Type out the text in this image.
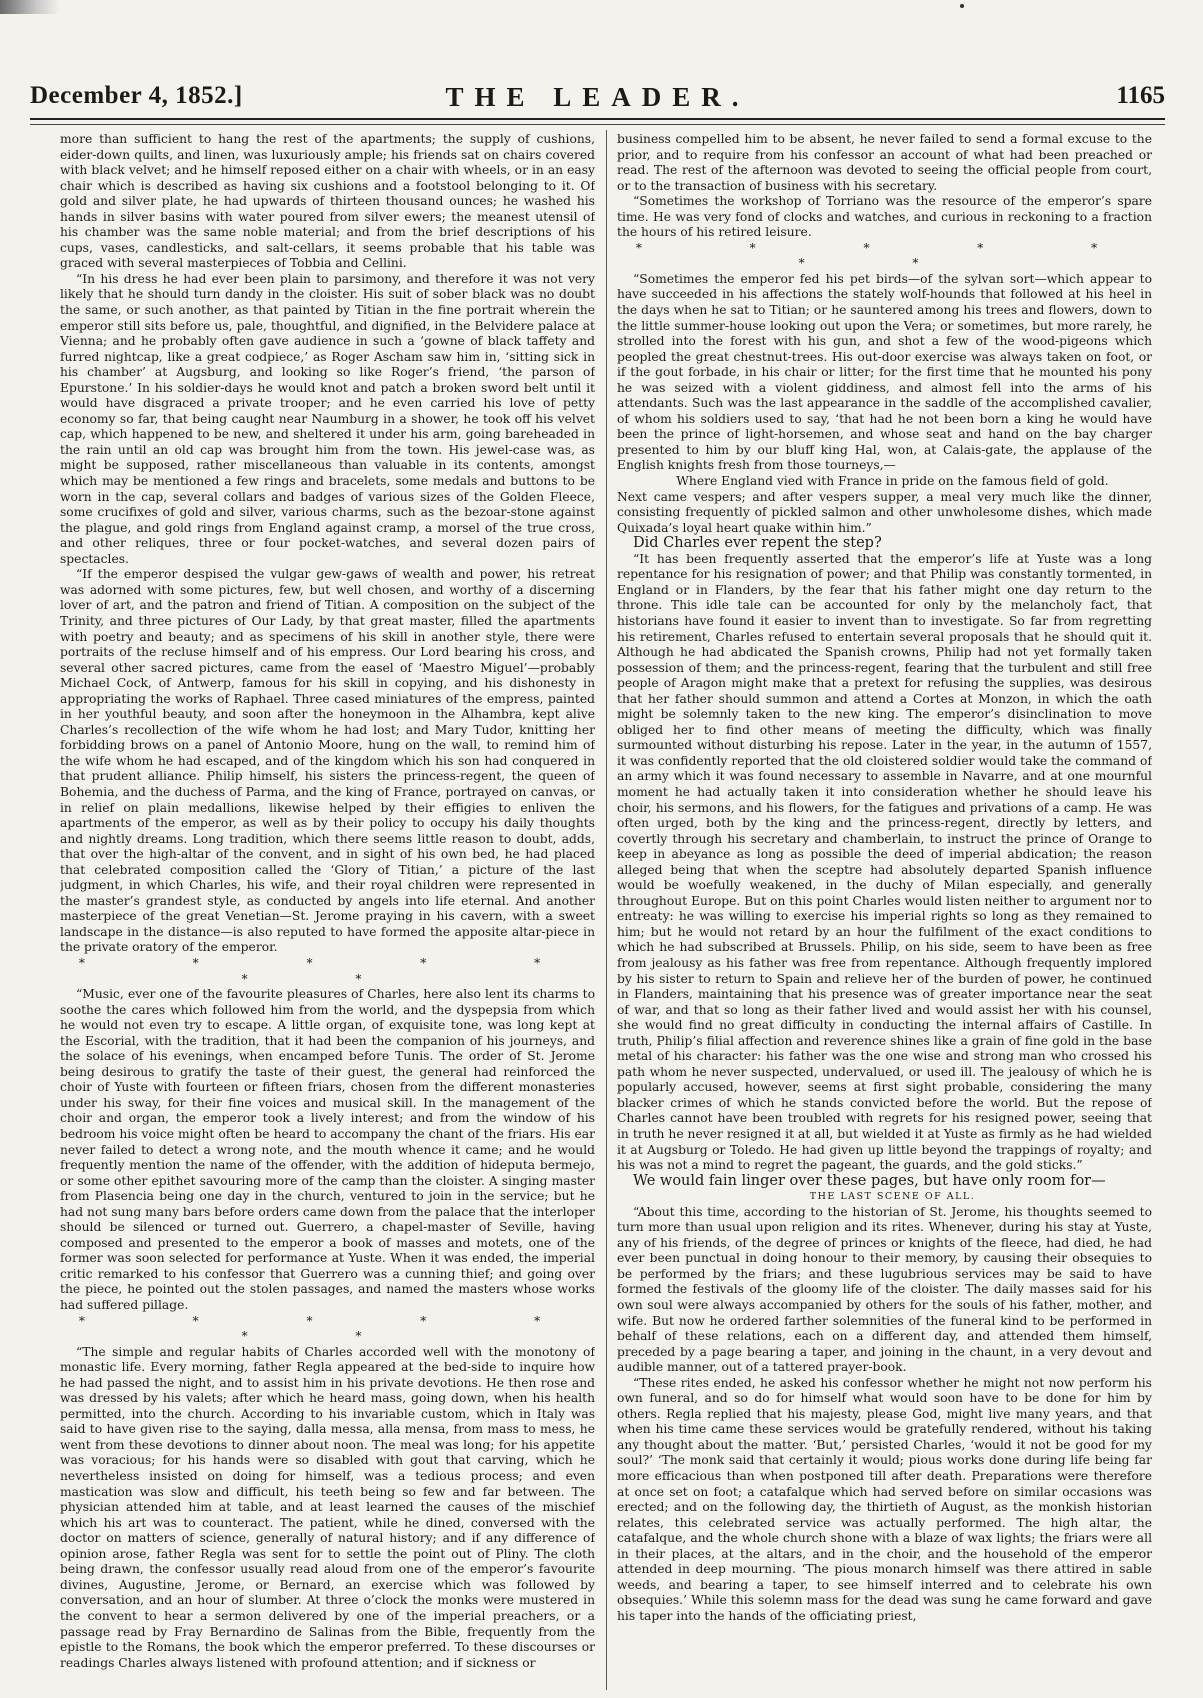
December 4, 1852.]	THE LEADER.	1165

more than sufficient to hang the rest of the apartments; the supply of cushions, eider-down quilts, and linen, was luxuriously ample; his friends sat on chairs covered with black velvet; and he himself reposed either on a chair with wheels, or in an easy chair which is described as having six cushions and a footstool belonging to it. Of gold and silver plate, he had upwards of thirteen thousand ounces; he washed his hands in silver basins with water poured from silver ewers; the meanest utensil of his chamber was the same noble material; and from the brief descriptions of his cups, vases, candlesticks, and salt-cellars, it seems probable that his table was graced with several masterpieces of Tobbia and Cellini.

“In his dress he had ever been plain to parsimony, and therefore it was not very likely that he should turn dandy in the cloister. His suit of sober black was no doubt the same, or such another, as that painted by Titian in the fine portrait wherein the emperor still sits before us, pale, thoughtful, and dignified, in the Belvidere palace at Vienna; and he probably often gave audience in such a ‘gowne of black taffety and furred nightcap, like a great codpiece,’ as Roger Ascham saw him in, ‘sitting sick in his chamber’ at Augsburg, and looking so like Roger’s friend, ‘the parson of Epurstone.’ In his soldier-days he would knot and patch a broken sword belt until it would have disgraced a private trooper; and he even carried his love of petty economy so far, that being caught near Naumburg in a shower, he took off his velvet cap, which happened to be new, and sheltered it under his arm, going bareheaded in the rain until an old cap was brought him from the town. His jewel-case was, as might be supposed, rather miscellaneous than valuable in its contents, amongst which may be mentioned a few rings and bracelets, some medals and buttons to be worn in the cap, several collars and badges of various sizes of the Golden Fleece, some crucifixes of gold and silver, various charms, such as the bezoar-stone against the plague, and gold rings from England against cramp, a morsel of the true cross, and other reliques, three or four pocket-watches, and several dozen pairs of spectacles.

“If the emperor despised the vulgar gew-gaws of wealth and power, his retreat was adorned with some pictures, few, but well chosen, and worthy of a discerning lover of art, and the patron and friend of Titian. A composition on the subject of the Trinity, and three pictures of Our Lady, by that great master, filled the apartments with poetry and beauty; and as specimens of his skill in another style, there were portraits of the recluse himself and of his empress. Our Lord bearing his cross, and several other sacred pictures, came from the easel of ‘Maestro Miguel’—probably Michael Cock, of Antwerp, famous for his skill in copying, and his dishonesty in appropriating the works of Raphael. Three cased miniatures of the empress, painted in her youthful beauty, and soon after the honeymoon in the Alhambra, kept alive Charles’s recollection of the wife whom he had lost; and Mary Tudor, knitting her forbidding brows on a panel of Antonio Moore, hung on the wall, to remind him of the wife whom he had escaped, and of the kingdom which his son had conquered in that prudent alliance. Philip himself, his sisters the princess-regent, the queen of Bohemia, and the duchess of Parma, and the king of France, portrayed on canvas, or in relief on plain medallions, likewise helped by their effigies to enliven the apartments of the emperor, as well as by their policy to occupy his daily thoughts and nightly dreams. Long tradition, which there seems little reason to doubt, adds, that over the high-altar of the convent, and in sight of his own bed, he had placed that celebrated composition called the ‘Glory of Titian,’ a picture of the last judgment, in which Charles, his wife, and their royal children were represented in the master’s grandest style, as conducted by angels into life eternal. And another masterpiece of the great Venetian—St. Jerome praying in his cavern, with a sweet landscape in the distance—is also reputed to have formed the apposite altar-piece in the private oratory of the emperor.

* * * * * * *

“Music, ever one of the favourite pleasures of Charles, here also lent its charms to soothe the cares which followed him from the world, and the dyspepsia from which he would not even try to escape. A little organ, of exquisite tone, was long kept at the Escorial, with the tradition, that it had been the companion of his journeys, and the solace of his evenings, when encamped before Tunis. The order of St. Jerome being desirous to gratify the taste of their guest, the general had reinforced the choir of Yuste with fourteen or fifteen friars, chosen from the different monasteries under his sway, for their fine voices and musical skill. In the management of the choir and organ, the emperor took a lively interest; and from the window of his bedroom his voice might often be heard to accompany the chant of the friars. His ear never failed to detect a wrong note, and the mouth whence it came; and he would frequently mention the name of the offender, with the addition of hideputa bermejo, or some other epithet savouring more of the camp than the cloister. A singing master from Plasencia being one day in the church, ventured to join in the service; but he had not sung many bars before orders came down from the palace that the interloper should be silenced or turned out. Guerrero, a chapel-master of Seville, having composed and presented to the emperor a book of masses and motets, one of the former was soon selected for performance at Yuste. When it was ended, the imperial critic remarked to his confessor that Guerrero was a cunning thief; and going over the piece, he pointed out the stolen passages, and named the masters whose works had suffered pillage.

* * * * * * *

“The simple and regular habits of Charles accorded well with the monotony of monastic life. Every morning, father Regla appeared at the bed-side to inquire how he had passed the night, and to assist him in his private devotions. He then rose and was dressed by his valets; after which he heard mass, going down, when his health permitted, into the church. According to his invariable custom, which in Italy was said to have given rise to the saying, dalla messa, alla mensa, from mass to mess, he went from these devotions to dinner about noon. The meal was long; for his appetite was voracious; for his hands were so disabled with gout that carving, which he nevertheless insisted on doing for himself, was a tedious process; and even mastication was slow and difficult, his teeth being so few and far between. The physician attended him at table, and at least learned the causes of the mischief which his art was to counteract. The patient, while he dined, conversed with the doctor on matters of science, generally of natural history; and if any difference of opinion arose, father Regla was sent for to settle the point out of Pliny. The cloth being drawn, the confessor usually read aloud from one of the emperor’s favourite divines, Augustine, Jerome, or Bernard, an exercise which was followed by conversation, and an hour of slumber. At three o’clock the monks were mustered in the convent to hear a sermon delivered by one of the imperial preachers, or a passage read by Fray Bernardino de Salinas from the Bible, frequently from the epistle to the Romans, the book which the emperor preferred. To these discourses or readings Charles always listened with profound attention; and if sickness or

business compelled him to be absent, he never failed to send a formal excuse to the prior, and to require from his confessor an account of what had been preached or read. The rest of the afternoon was devoted to seeing the official people from court, or to the transaction of business with his secretary.

“Sometimes the workshop of Torriano was the resource of the emperor’s spare time. He was very fond of clocks and watches, and curious in reckoning to a fraction the hours of his retired leisure.

* * * * * * *

“Sometimes the emperor fed his pet birds—of the sylvan sort—which appear to have succeeded in his affections the stately wolf-hounds that followed at his heel in the days when he sat to Titian; or he sauntered among his trees and flowers, down to the little summer-house looking out upon the Vera; or sometimes, but more rarely, he strolled into the forest with his gun, and shot a few of the wood-pigeons which peopled the great chestnut-trees. His out-door exercise was always taken on foot, or if the gout forbade, in his chair or litter; for the first time that he mounted his pony he was seized with a violent giddiness, and almost fell into the arms of his attendants. Such was the last appearance in the saddle of the accomplished cavalier, of whom his soldiers used to say, ‘that had he not been born a king he would have been the prince of light-horsemen, and whose seat and hand on the bay charger presented to him by our bluff king Hal, won, at Calais-gate, the applause of the English knights fresh from those tourneys,—

Where England vied with France in pride on the famous field of gold.

Next came vespers; and after vespers supper, a meal very much like the dinner, consisting frequently of pickled salmon and other unwholesome dishes, which made Quixada’s loyal heart quake within him.”

Did Charles ever repent the step?

“It has been frequently asserted that the emperor’s life at Yuste was a long repentance for his resignation of power; and that Philip was constantly tormented, in England or in Flanders, by the fear that his father might one day return to the throne. This idle tale can be accounted for only by the melancholy fact, that historians have found it easier to invent than to investigate. So far from regretting his retirement, Charles refused to entertain several proposals that he should quit it. Although he had abdicated the Spanish crowns, Philip had not yet formally taken possession of them; and the princess-regent, fearing that the turbulent and still free people of Aragon might make that a pretext for refusing the supplies, was desirous that her father should summon and attend a Cortes at Monzon, in which the oath might be solemnly taken to the new king. The emperor’s disinclination to move obliged her to find other means of meeting the difficulty, which was finally surmounted without disturbing his repose. Later in the year, in the autumn of 1557, it was confidently reported that the old cloistered soldier would take the command of an army which it was found necessary to assemble in Navarre, and at one mournful moment he had actually taken it into consideration whether he should leave his choir, his sermons, and his flowers, for the fatigues and privations of a camp. He was often urged, both by the king and the princess-regent, directly by letters, and covertly through his secretary and chamberlain, to instruct the prince of Orange to keep in abeyance as long as possible the deed of imperial abdication; the reason alleged being that when the sceptre had absolutely departed Spanish influence would be woefully weakened, in the duchy of Milan especially, and generally throughout Europe. But on this point Charles would listen neither to argument nor to entreaty: he was willing to exercise his imperial rights so long as they remained to him; but he would not retard by an hour the fulfilment of the exact conditions to which he had subscribed at Brussels. Philip, on his side, seem to have been as free from jealousy as his father was free from repentance. Although frequently implored by his sister to return to Spain and relieve her of the burden of power, he continued in Flanders, maintaining that his presence was of greater importance near the seat of war, and that so long as their father lived and would assist her with his counsel, she would find no great difficulty in conducting the internal affairs of Castille. In truth, Philip’s filial affection and reverence shines like a grain of fine gold in the base metal of his character: his father was the one wise and strong man who crossed his path whom he never suspected, undervalued, or used ill. The jealousy of which he is popularly accused, however, seems at first sight probable, considering the many blacker crimes of which he stands convicted before the world. But the repose of Charles cannot have been troubled with regrets for his resigned power, seeing that in truth he never resigned it at all, but wielded it at Yuste as firmly as he had wielded it at Augsburg or Toledo. He had given up little beyond the trappings of royalty; and his was not a mind to regret the pageant, the guards, and the gold sticks.”

We would fain linger over these pages, but have only room for—

THE LAST SCENE OF ALL.

“About this time, according to the historian of St. Jerome, his thoughts seemed to turn more than usual upon religion and its rites. Whenever, during his stay at Yuste, any of his friends, of the degree of princes or knights of the fleece, had died, he had ever been punctual in doing honour to their memory, by causing their obsequies to be performed by the friars; and these lugubrious services may be said to have formed the festivals of the gloomy life of the cloister. The daily masses said for his own soul were always accompanied by others for the souls of his father, mother, and wife. But now he ordered farther solemnities of the funeral kind to be performed in behalf of these relations, each on a different day, and attended them himself, preceded by a page bearing a taper, and joining in the chaunt, in a very devout and audible manner, out of a tattered prayer-book.

“These rites ended, he asked his confessor whether he might not now perform his own funeral, and so do for himself what would soon have to be done for him by others. Regla replied that his majesty, please God, might live many years, and that when his time came these services would be gratefully rendered, without his taking any thought about the matter. ‘But,’ persisted Charles, ‘would it not be good for my soul?’ ‘The monk said that certainly it would; pious works done during life being far more efficacious than when postponed till after death. Preparations were therefore at once set on foot; a catafalque which had served before on similar occasions was erected; and on the following day, the thirtieth of August, as the monkish historian relates, this celebrated service was actually performed. The high altar, the catafalque, and the whole church shone with a blaze of wax lights; the friars were all in their places, at the altars, and in the choir, and the household of the emperor attended in deep mourning. ‘The pious monarch himself was there attired in sable weeds, and bearing a taper, to see himself interred and to celebrate his own obsequies.’ While this solemn mass for the dead was sung he came forward and gave his taper into the hands of the officiating priest,
